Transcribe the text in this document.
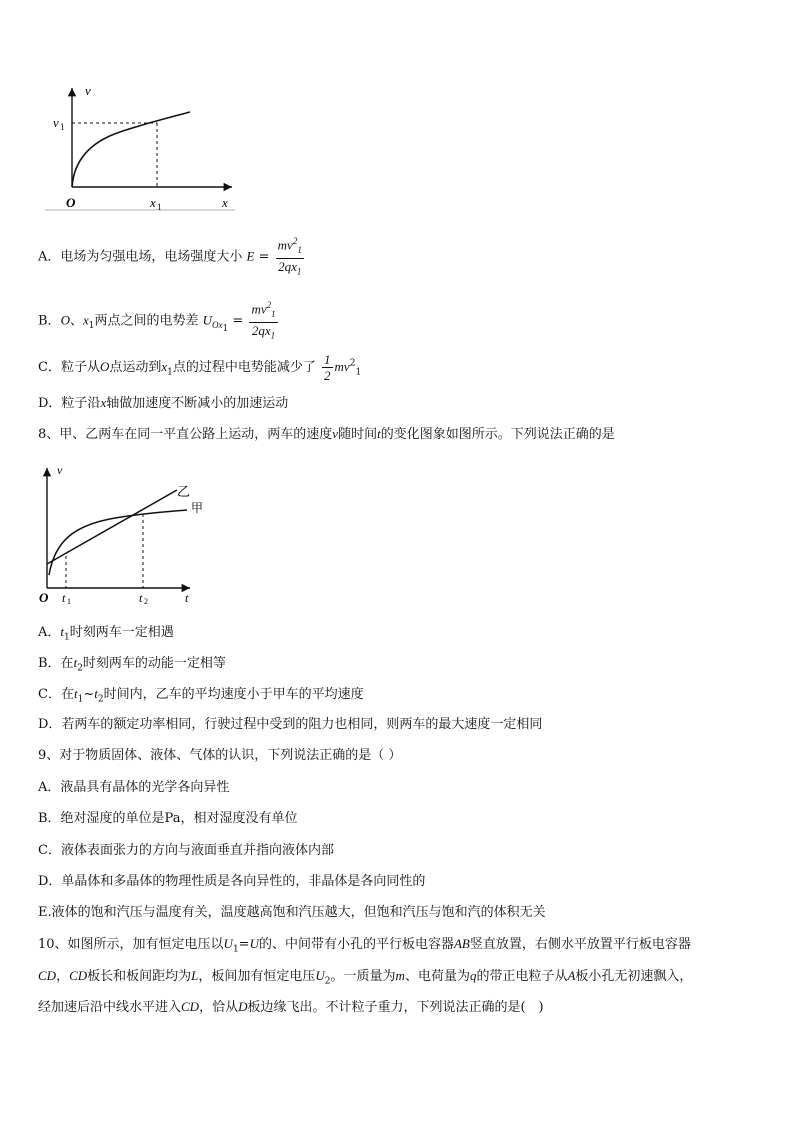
v
x
O
v 1
x 1
A．电场为匀强电场，电场强度大小 $E = \frac{mv^2_1}{2qx_1}$
B．O、$x_1$两点之间的电势差 $U_{Ox_1} = \frac{mv^2_1}{2qx_1}$
C．粒子从O点运动到$x_1$点的过程中电势能减少了 $\frac{1}{2} mv^2_1$
D．粒子沿x轴做加速度不断减小的加速运动
8、甲、乙两车在同一平直公路上运动，两车的速度v随时间t的变化图象如图所示。下列说法正确的是
v
t
O t 1	t 2
乙
甲
A．$t_1$时刻两车一定相遇
B．在$t_2$时刻两车的动能一定相等
C．在$t_1\sim t_2$时间内，乙车的平均速度小于甲车的平均速度
D．若两车的额定功率相同，行驶过程中受到的阻力也相同，则两车的最大速度一定相同
9、对于物质固体、液体、气体的认识，下列说法正确的是（ ）
A．液晶具有晶体的光学各向异性
B．绝对湿度的单位是Pa，相对湿度没有单位
C．液体表面张力的方向与液面垂直并指向液体内部
D．单晶体和多晶体的物理性质是各向异性的，非晶体是各向同性的
E.液体的饱和汽压与温度有关，温度越高饱和汽压越大，但饱和汽压与饱和汽的体积无关
10、如图所示，加有恒定电压以$U_1=U$的、中间带有小孔的平行板电容器AB竖直放置，右侧水平放置平行板电容器
CD，CD板长和板间距均为L，板间加有恒定电压$U_2$。一质量为m、电荷量为q的带正电粒子从A板小孔无初速飘入，
经加速后沿中线水平进入CD，恰从D板边缘飞出。不计粒子重力，下列说法正确的是(　)
